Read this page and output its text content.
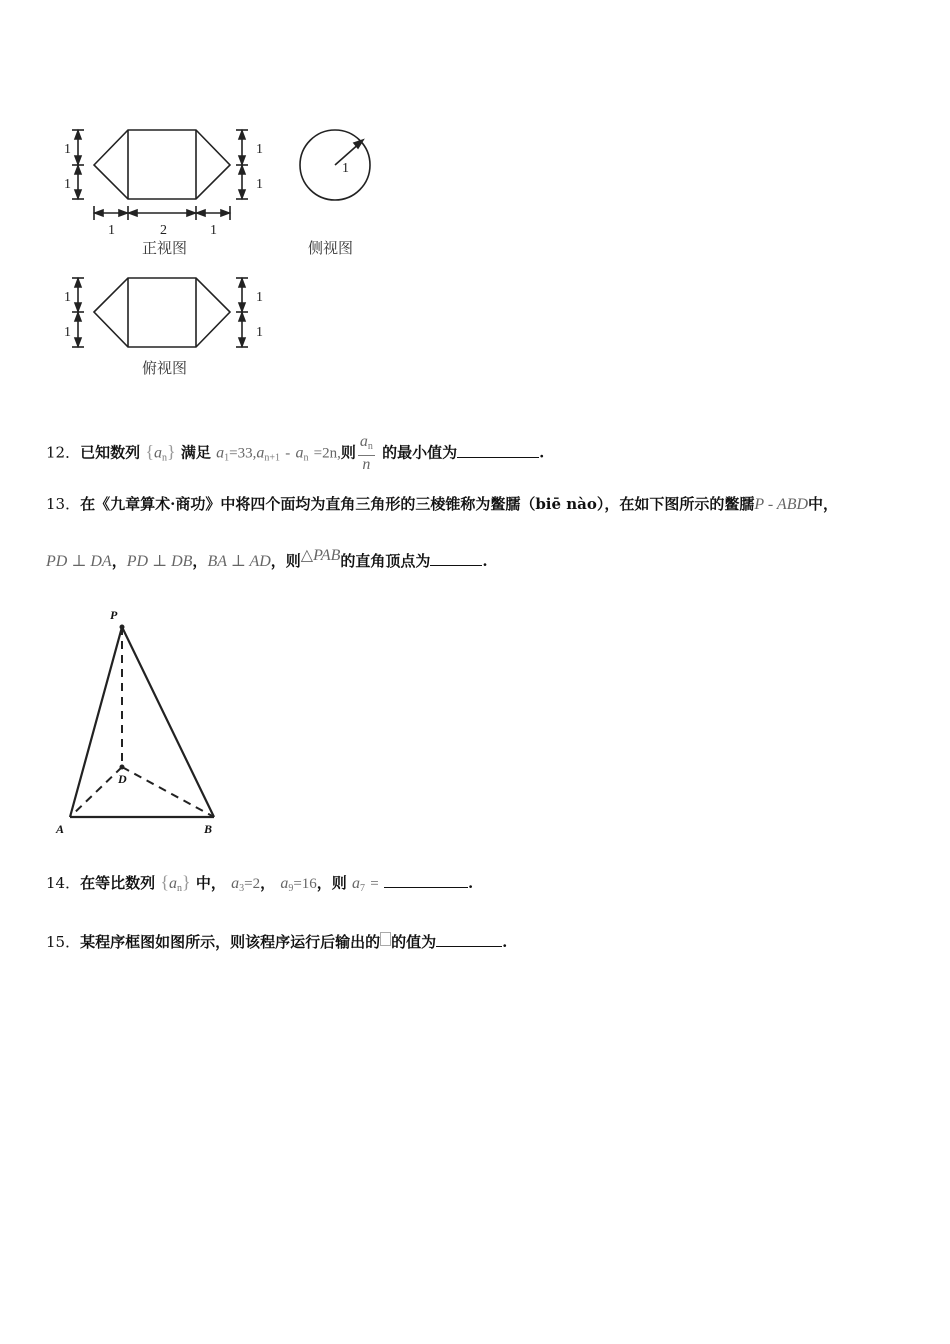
1
1
1
1
1	2	1
1
1
1
1
1
正视图	侧视图
俯视图
12．已知数列 $\{a_n\}$ 满足 $a_1=33,a_{n+1} - a_n =2n$,则 $\frac{a_n}{n}$ 的最小值为	.
13．在《九章算术·商功》中将四个面均为直角三角形的三棱锥称为鳖臑（biē nào），在如下图所示的鳖臑P - ABD中，
PD ⊥ DA，PD ⊥ DB，BA ⊥ AD，则△PAB的直角顶点为	.
P
D
A	B
14．在等比数列 $\{a_n\}$ 中， $a_3=2$， $a_9=16$，则 $a_7$ =	.
15．某程序框图如图所示，则该程序运行后输出的 的值为	.
